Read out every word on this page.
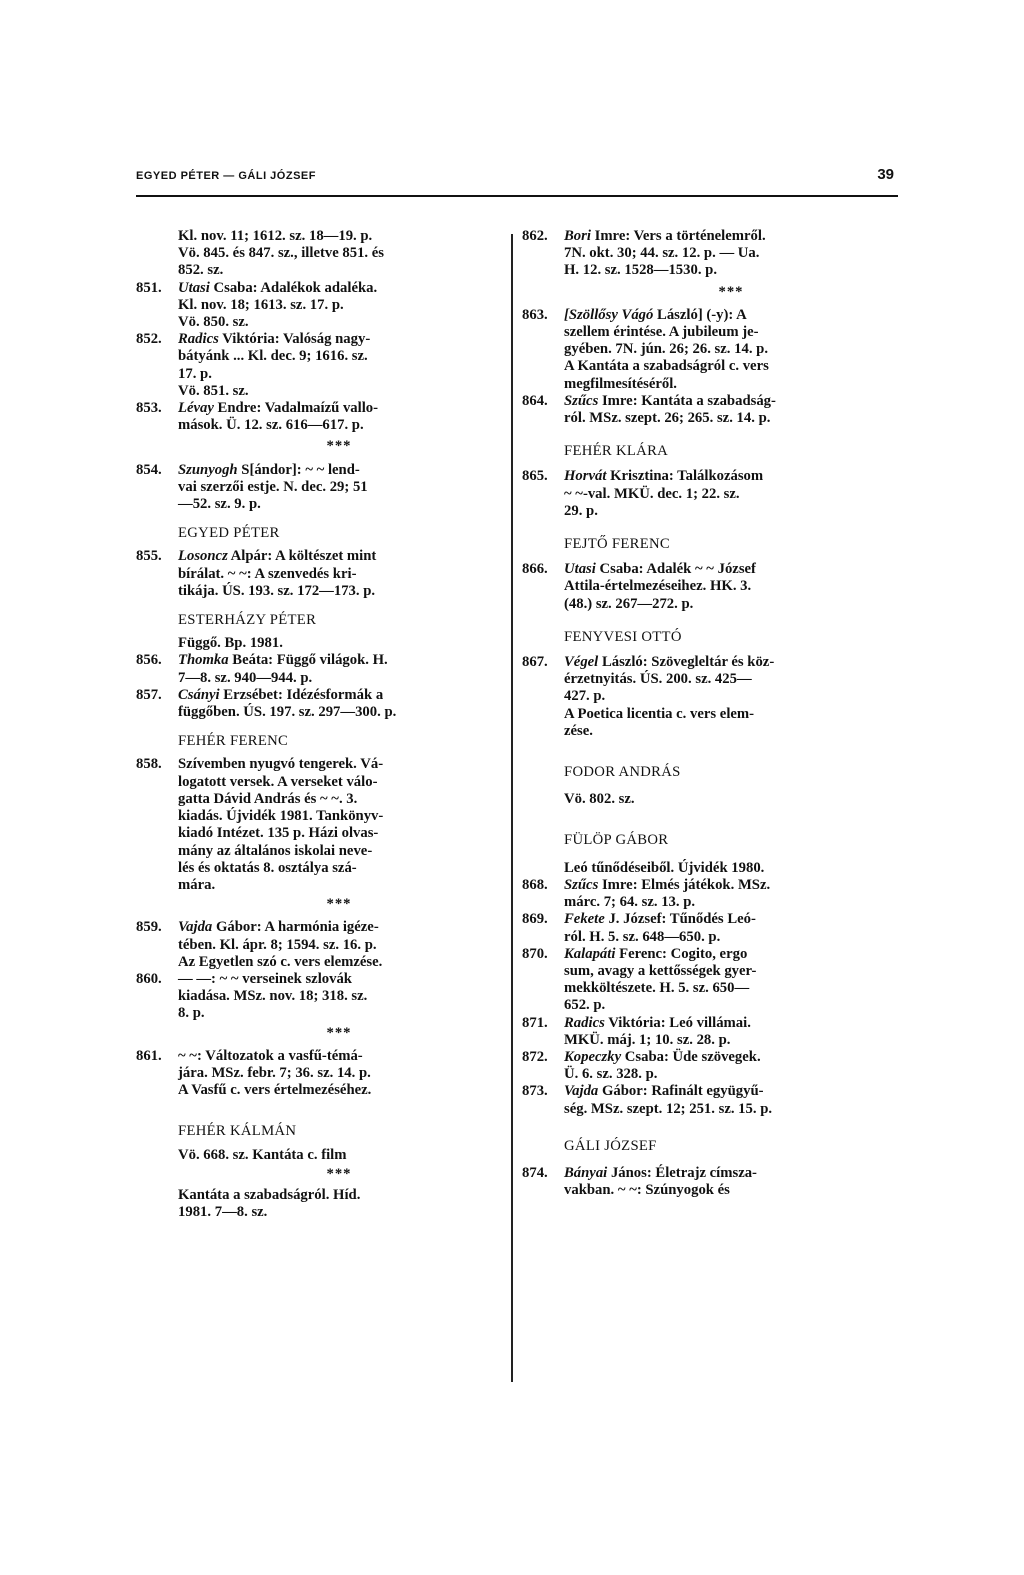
EGYED PÉTER — GÁLI JÓZSEF	39
Kl. nov. 11; 1612. sz. 18—19. p.
Vö. 845. és 847. sz., illetve 851. és
852. sz.
851. Utasi Csaba: Adalékok adaléka.
Kl. nov. 18; 1613. sz. 17. p.
Vö. 850. sz.
852. Radics Viktória: Valóság nagy-
bátyánk ... Kl. dec. 9; 1616. sz.
17. p.
Vö. 851. sz.
853. Lévay Endre: Vadalmaízű vallo-
mások. Ü. 12. sz. 616—617. p.
***
854. Szunyogh S[ándor]: ~ ~ lend-
vai szerzői estje. N. dec. 29; 51
—52. sz. 9. p.
EGYED PÉTER
855. Losoncz Alpár: A költészet mint
bírálat. ~ ~: A szenvedés kri-
tikája. ÚS. 193. sz. 172—173. p.
ESTERHÁZY PÉTER
Függő. Bp. 1981.
856. Thomka Beáta: Függő világok. H.
7—8. sz. 940—944. p.
857. Csányi Erzsébet: Idézésformák a
függőben. ÚS. 197. sz. 297—300. p.
FEHÉR FERENC
858. Szívemben nyugvó tengerek. Vá-
logatott versek. A verseket válo-
gatta Dávid András és ~ ~. 3.
kiadás. Újvidék 1981. Tankönyv-
kiadó Intézet. 135 p. Házi olvas-
mány az általános iskolai neve-
lés és oktatás 8. osztálya szá-
mára.
***
859. Vajda Gábor: A harmónia igéze-
tében. Kl. ápr. 8; 1594. sz. 16. p.
Az Egyetlen szó c. vers elemzése.
860. — —: ~ ~ verseinek szlovák
kiadása. MSz. nov. 18; 318. sz.
8. p.
***
861. ~ ~: Változatok a vasfű-témá-
jára. MSz. febr. 7; 36. sz. 14. p.
A Vasfű c. vers értelmezéséhez.
FEHÉR KÁLMÁN
Vö. 668. sz. Kantáta c. film
***
Kantáta a szabadságról. Híd.
1981. 7—8. sz.
862. Bori Imre: Vers a történelemről.
7N. okt. 30; 44. sz. 12. p. — Ua.
H. 12. sz. 1528—1530. p.
***
863. [Szöllősy Vágó László] (-y): A
szellem érintése. A jubileum je-
gyében. 7N. jún. 26; 26. sz. 14. p.
A Kantáta a szabadságról c. vers
megfilmesítéséről.
864. Szűcs Imre: Kantáta a szabadság-
ról. MSz. szept. 26; 265. sz. 14. p.
FEHÉR KLÁRA
865. Horvát Krisztina: Találkozásom
~ ~-val. MKÜ. dec. 1; 22. sz.
29. p.
FEJTŐ FERENC
866. Utasi Csaba: Adalék ~ ~ József
Attila-értelmezéseihez. HK. 3.
(48.) sz. 267—272. p.
FENYVESI OTTÓ
867. Végel László: Szövegleltár és köz-
érzetnyitás. ÚS. 200. sz. 425—
427. p.
A Poetica licentia c. vers elem-
zése.
FODOR ANDRÁS
Vö. 802. sz.
FÜLÖP GÁBOR
Leó tűnődéseiből. Újvidék 1980.
868. Szűcs Imre: Elmés játékok. MSz.
márc. 7; 64. sz. 13. p.
869. Fekete J. József: Tűnődés Leó-
ról. H. 5. sz. 648—650. p.
870. Kalapáti Ferenc: Cogito, ergo
sum, avagy a kettősségek gyer-
mekköltészete. H. 5. sz. 650—
652. p.
871. Radics Viktória: Leó villámai.
MKÜ. máj. 1; 10. sz. 28. p.
872. Kopeczky Csaba: Üde szövegek.
Ü. 6. sz. 328. p.
873. Vajda Gábor: Rafinált együgyű-
ség. MSz. szept. 12; 251. sz. 15. p.
GÁLI JÓZSEF
874. Bányai János: Életrajz címsza-
vakban. ~ ~: Szúnyogok és
